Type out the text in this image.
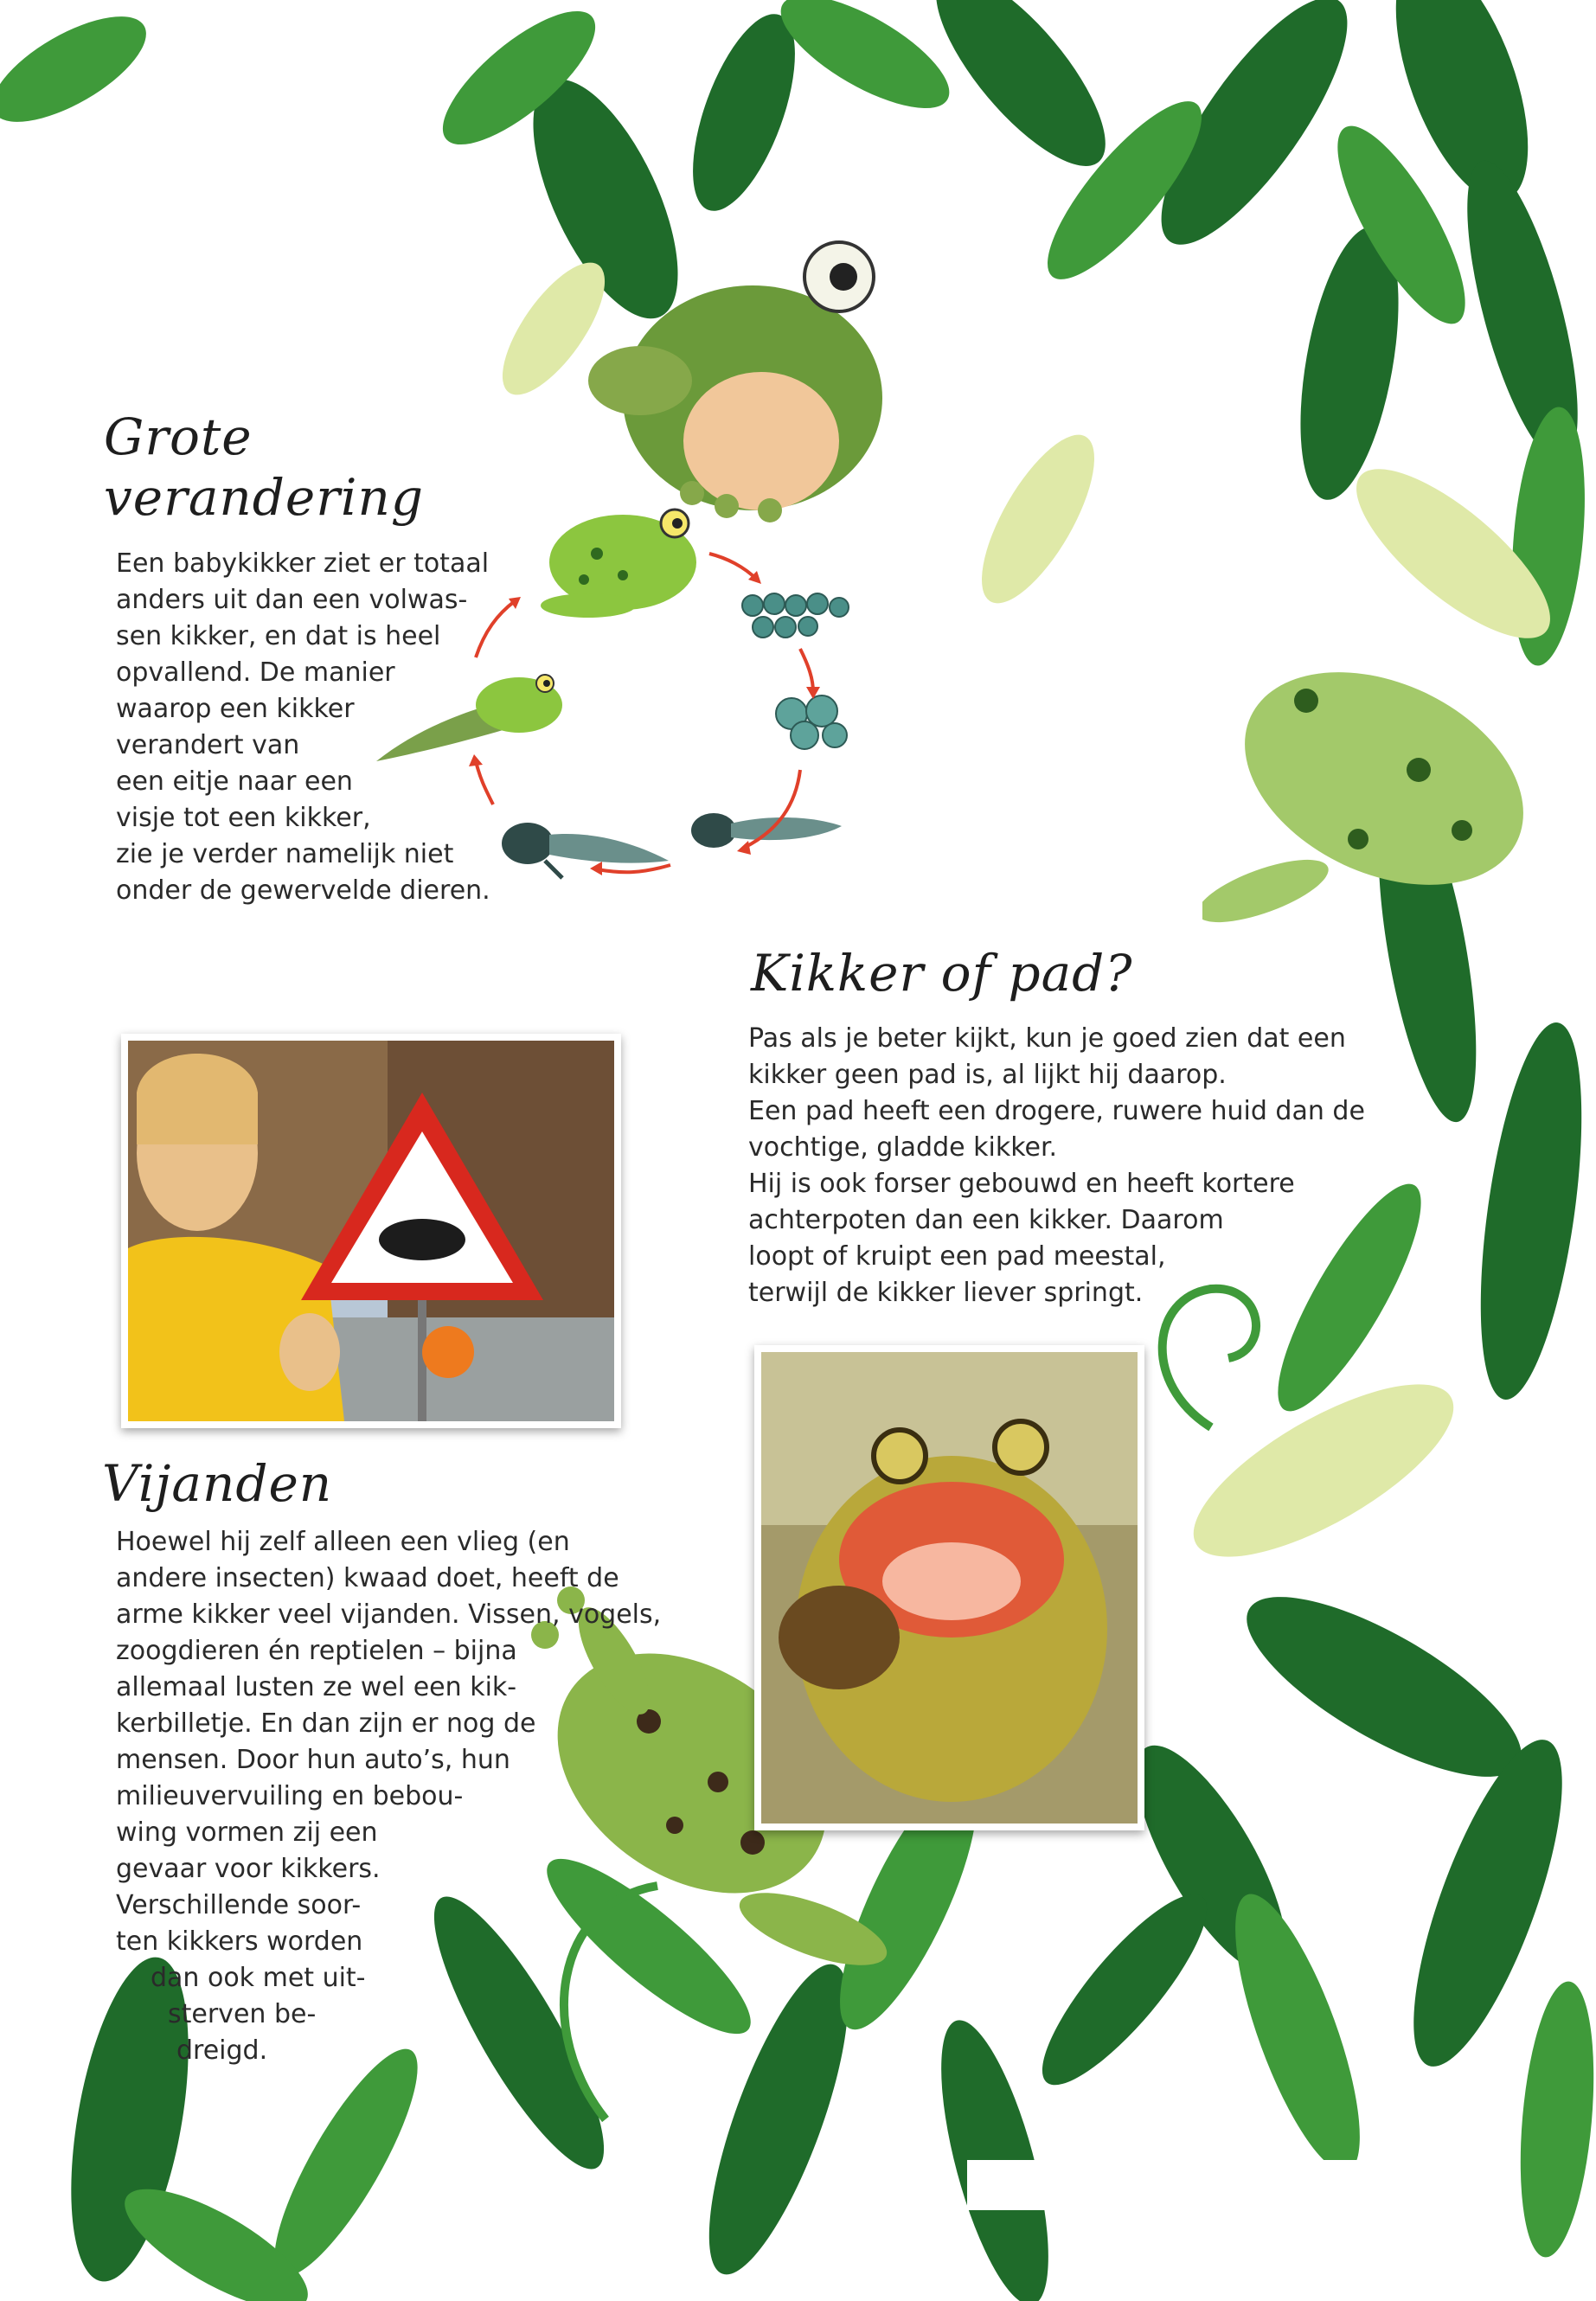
Grote
verandering
Een babykikker ziet er totaal
anders uit dan een volwas-
sen kikker, en dat is heel
opvallend. De manier
waarop een kikker
verandert van
een eitje naar een
visje tot een kikker,
zie je verder namelijk niet
onder de gewervelde dieren.
Kikker of pad?
Pas als je beter kijkt, kun je goed zien dat een
kikker geen pad is, al lijkt hij daarop.
Een pad heeft een drogere, ruwere huid dan de
vochtige, gladde kikker.
Hij is ook forser gebouwd en heeft kortere
achterpoten dan een kikker. Daarom
loopt of kruipt een pad meestal,
terwijl de kikker liever springt.
Vijanden
Hoewel hij zelf alleen een vlieg (en
andere insecten) kwaad doet, heeft de
arme kikker veel vijanden. Vissen, vogels,
zoogdieren én reptielen – bijna
allemaal lusten ze wel een kik-
kerbilletje. En dan zijn er nog de
mensen. Door hun auto’s, hun
milieuvervuiling en bebou-
wing vormen zij een
gevaar voor kikkers.
Verschillende soor-
ten kikkers worden
dan ook met uit-
sterven be-
dreigd.
5
